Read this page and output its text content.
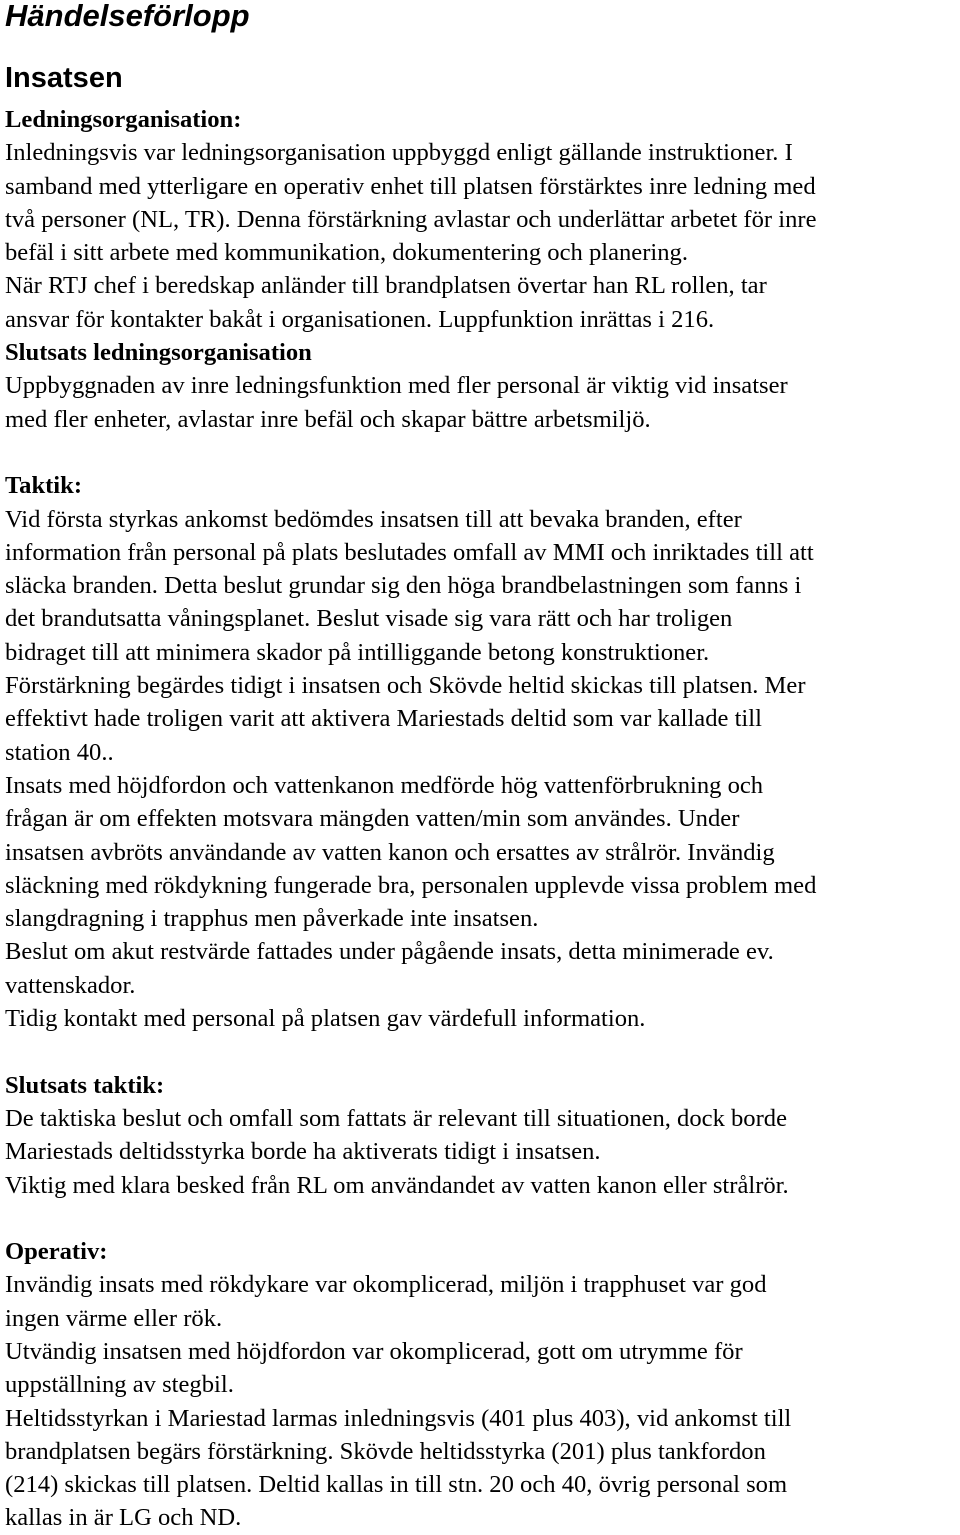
Händelseförlopp
Insatsen
Ledningsorganisation:
Inledningsvis var ledningsorganisation uppbyggd enligt gällande instruktioner. I
samband med ytterligare en operativ enhet till platsen förstärktes inre ledning med
två personer (NL, TR). Denna förstärkning avlastar och underlättar arbetet för inre
befäl i sitt arbete med kommunikation, dokumentering och planering.
När RTJ chef i beredskap anländer till brandplatsen övertar han RL rollen, tar
ansvar för kontakter bakåt i organisationen. Luppfunktion inrättas i 216.
Slutsats ledningsorganisation
Uppbyggnaden av inre ledningsfunktion med fler personal är viktig vid insatser
med fler enheter, avlastar inre befäl och skapar bättre arbetsmiljö.
Taktik:
Vid första styrkas ankomst bedömdes insatsen till att bevaka branden, efter
information från personal på plats beslutades omfall av MMI och inriktades till att
släcka branden. Detta beslut grundar sig den höga brandbelastningen som fanns i
det brandutsatta våningsplanet. Beslut visade sig vara rätt och har troligen
bidraget till att minimera skador på intilliggande betong konstruktioner.
Förstärkning begärdes tidigt i insatsen och Skövde heltid skickas till platsen. Mer
effektivt hade troligen varit att aktivera Mariestads deltid som var kallade till
station 40..
Insats med höjdfordon och vattenkanon medförde hög vattenförbrukning och
frågan är om effekten motsvara mängden vatten/min som användes. Under
insatsen avbröts användande av vatten kanon och ersattes av strålrör. Invändig
släckning med rökdykning fungerade bra, personalen upplevde vissa problem med
slangdragning i trapphus men påverkade inte insatsen.
Beslut om akut restvärde fattades under pågående insats, detta minimerade ev.
vattenskador.
Tidig kontakt med personal på platsen gav värdefull information.
Slutsats taktik:
De taktiska beslut och omfall som fattats är relevant till situationen, dock borde
Mariestads deltidsstyrka borde ha aktiverats tidigt i insatsen.
Viktig med klara besked från RL om användandet av vatten kanon eller strålrör.
Operativ:
Invändig insats med rökdykare var okomplicerad, miljön i trapphuset var god
ingen värme eller rök.
Utvändig insatsen med höjdfordon var okomplicerad, gott om utrymme för
uppställning av stegbil.
Heltidsstyrkan i Mariestad larmas inledningsvis (401 plus 403), vid ankomst till
brandplatsen begärs förstärkning. Skövde heltidsstyrka (201) plus tankfordon
(214) skickas till platsen. Deltid kallas in till stn. 20 och 40, övrig personal som
kallas in är LG och ND.
